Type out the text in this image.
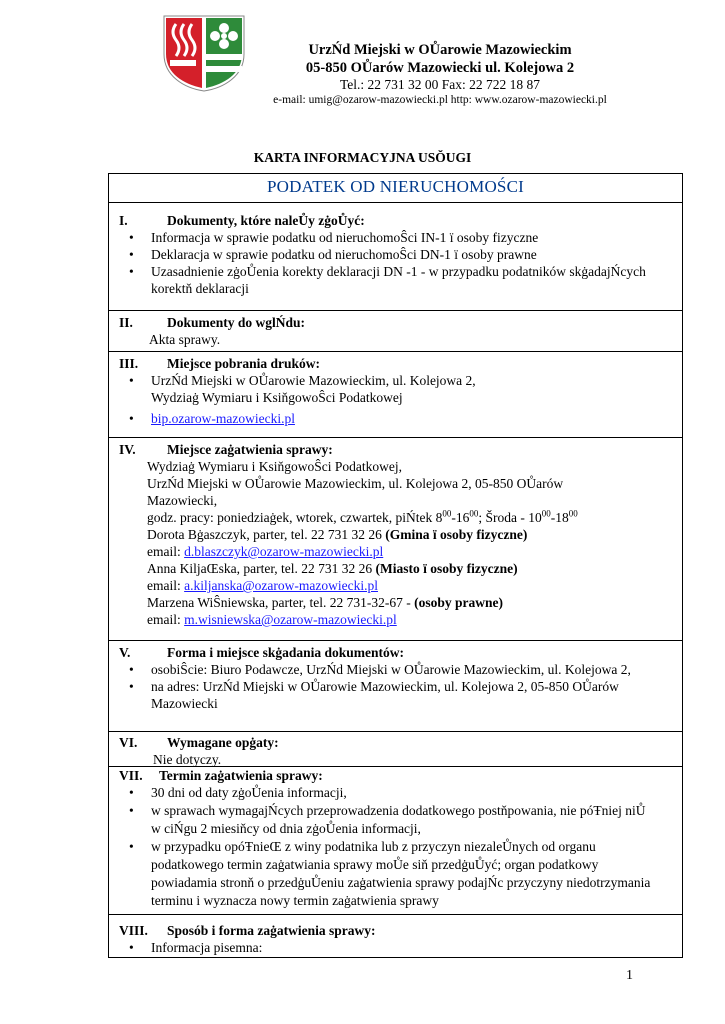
UrzŃd Miejski w OŮarowie Mazowieckim
05-850 OŮarów Mazowiecki ul. Kolejowa 2
Tel.: 22 731 32 00 Fax: 22 722 18 87
e-mail: umig@ozarow-mazowiecki.pl http: www.ozarow-mazowiecki.pl
KARTA INFORMACYJNA USŎUGI
PODATEK OD NIERUCHOMOŚCI
I.	Dokumenty, które naleŮy zġoŮyć:
• Informacja w sprawie podatku od nieruchomoŜci IN-1 ï osoby fizyczne
• Deklaracja w sprawie podatku od nieruchomoŜci DN-1 ï osoby prawne
• Uzasadnienie zġoŮenia korekty deklaracji DN -1 - w przypadku podatników skġadajŃcych korektň deklaracji
II.	Dokumenty do wglŃdu:
Akta sprawy.
III. Miejsce pobrania druków:
• UrzŃd Miejski w OŮarowie Mazowieckim, ul. Kolejowa 2,
Wydziaġ Wymiaru i KsiňgowoŜci Podatkowej
• bip.ozarow-mazowiecki.pl
IV. Miejsce zaġatwienia sprawy:
Wydziaġ Wymiaru i KsiňgowoŜci Podatkowej,
UrzŃd Miejski w OŮarowie Mazowieckim, ul. Kolejowa 2, 05-850 OŮarów
Mazowiecki,
godz. pracy: poniedziaġek, wtorek, czwartek, piŃtek $8^{00}-16^{00}$; Šroda - $10^{00}-18^{00}$
Dorota Bġaszczyk, parter, tel. 22 731 32 26 (Gmina ï osoby fizyczne)
email: d.blaszczyk@ozarow-mazowiecki.pl
Anna KiljaŒska, parter, tel. 22 731 32 26 (Miasto ï osoby fizyczne)
email: a.kiljanska@ozarow-mazowiecki.pl
Marzena WiŜniewska, parter, tel. 22 731-32-67 - (osoby prawne)
email: m.wisniewska@ozarow-mazowiecki.pl
V.	Forma i miejsce skġadania dokumentów:
• osobiŜcie: Biuro Podawcze, UrzŃd Miejski w OŮarowie Mazowieckim, ul. Kolejowa 2,
• na adres: UrzŃd Miejski w OŮarowie Mazowieckim, ul. Kolejowa 2, 05-850 OŮarów
Mazowiecki
VI. Wymagane opġaty:
Nie dotyczy.
VII. Termin zaġatwienia sprawy:
• 30 dni od daty zġoŮenia informacji,
• w sprawach wymagajŃcych przeprowadzenia dodatkowego postňpowania, nie póŦniej niŮ
w ciŃgu 2 miesiňcy od dnia zġoŮenia informacji,
• w przypadku opóŦnieŒ z winy podatnika lub z przyczyn niezaleŮnych od organu
podatkowego termin zaġatwiania sprawy moŮe siň przedġuŮyć; organ podatkowy
powiadamia stronň o przedġuŮeniu zaġatwienia sprawy podajŃc przyczyny niedotrzymania
terminu i wyznacza nowy termin zaġatwienia sprawy
VIII. Sposób i forma zaġatwienia sprawy:
• Informacja pisemna:
1
